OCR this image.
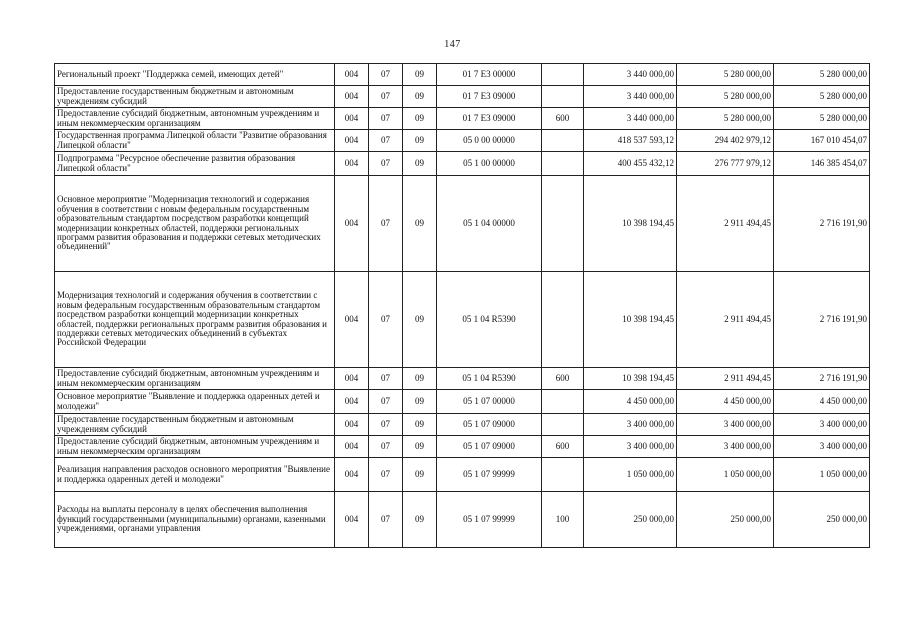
147
Региональный проект "Поддержка семей, имеющих детей"	004	07	09	01 7 E3 00000		3 440 000,00	5 280 000,00	5 280 000,00
Предоставление государственным бюджетным и автономным учреждениям субсидий	004	07	09	01 7 E3 09000		3 440 000,00	5 280 000,00	5 280 000,00
Предоставление субсидий бюджетным, автономным учреждениям и иным некоммерческим организациям	004	07	09	01 7 E3 09000	600	3 440 000,00	5 280 000,00	5 280 000,00
Государственная программа Липецкой области "Развитие образования Липецкой области"	004	07	09	05 0 00 00000		418 537 593,12	294 402 979,12	167 010 454,07
Подпрограмма "Ресурсное обеспечение развития образования Липецкой области"	004	07	09	05 1 00 00000		400 455 432,12	276 777 979,12	146 385 454,07
Основное мероприятие "Модернизация технологий и содержания обучения в соответствии с новым федеральным государственным образовательным стандартом посредством разработки концепций модернизации конкретных областей, поддержки региональных программ развития образования и поддержки сетевых методических объединений"	004	07	09	05 1 04 00000		10 398 194,45	2 911 494,45	2 716 191,90
Модернизация технологий и содержания обучения в соответствии с новым федеральным государственным образовательным стандартом посредством разработки концепций модернизации конкретных областей, поддержки региональных программ развития образования и поддержки сетевых методических объединений в субъектах Российской Федерации	004	07	09	05 1 04 R5390		10 398 194,45	2 911 494,45	2 716 191,90
Предоставление субсидий бюджетным, автономным учреждениям и иным некоммерческим организациям	004	07	09	05 1 04 R5390	600	10 398 194,45	2 911 494,45	2 716 191,90
Основное мероприятие "Выявление и поддержка одаренных детей и молодежи"	004	07	09	05 1 07 00000		4 450 000,00	4 450 000,00	4 450 000,00
Предоставление государственным бюджетным и автономным учреждениям субсидий	004	07	09	05 1 07 09000		3 400 000,00	3 400 000,00	3 400 000,00
Предоставление субсидий бюджетным, автономным учреждениям и иным некоммерческим организациям	004	07	09	05 1 07 09000	600	3 400 000,00	3 400 000,00	3 400 000,00
Реализация направления расходов основного мероприятия "Выявление и поддержка одаренных детей и молодежи"	004	07	09	05 1 07 99999		1 050 000,00	1 050 000,00	1 050 000,00
Расходы на выплаты персоналу в целях обеспечения выполнения функций государственными (муниципальными) органами, казенными учреждениями, органами управления	004	07	09	05 1 07 99999	100	250 000,00	250 000,00	250 000,00
